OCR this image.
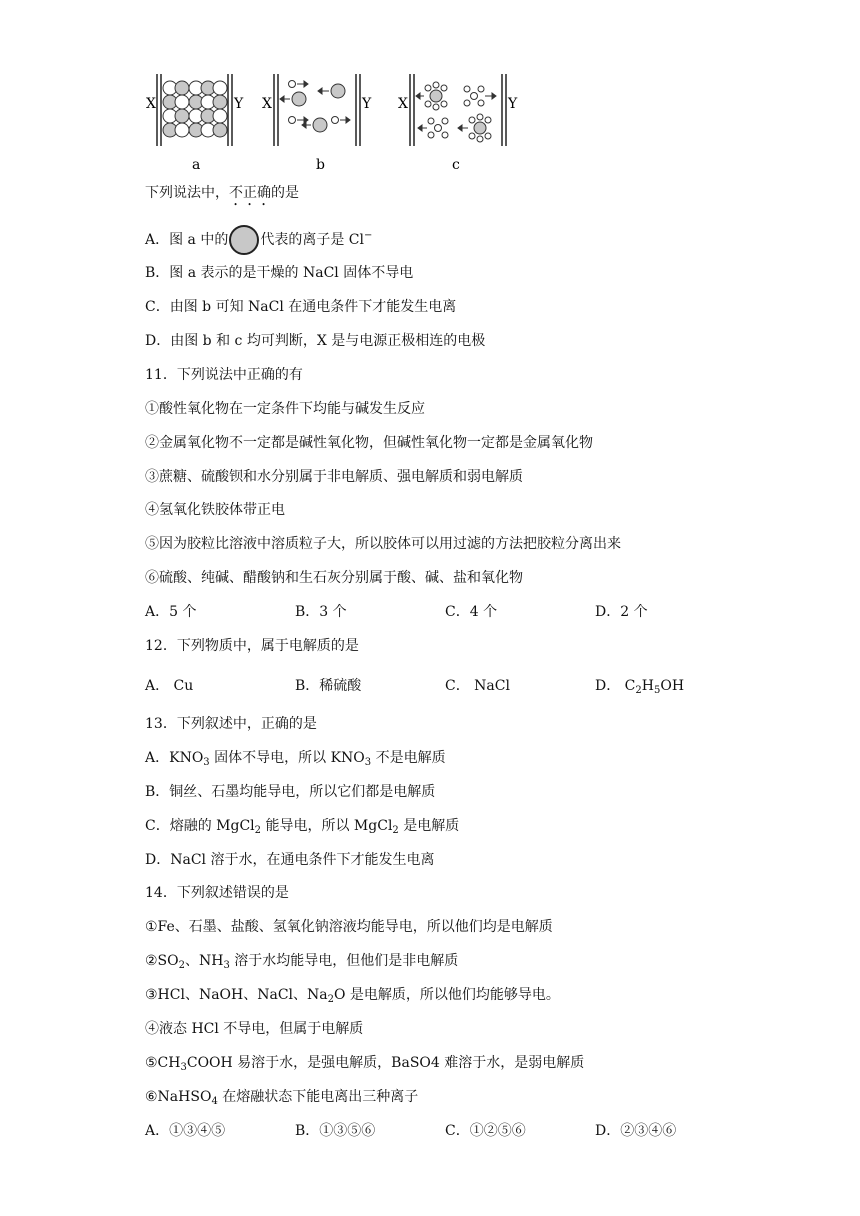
X	Y
a
X	Y
b
X	Y
c
下列说法中，不正确的是
A．图 a 中的 代表的离子是 Cl−
B．图 a 表示的是干燥的 NaCl 固体不导电
C．由图 b 可知 NaCl 在通电条件下才能发生电离
D．由图 b 和 c 均可判断，X 是与电源正极相连的电极
11．下列说法中正确的有
①酸性氧化物在一定条件下均能与碱发生反应
②金属氧化物不一定都是碱性氧化物，但碱性氧化物一定都是金属氧化物
③蔗糖、硫酸钡和水分别属于非电解质、强电解质和弱电解质
④氢氧化铁胶体带正电
⑤因为胶粒比溶液中溶质粒子大，所以胶体可以用过滤的方法把胶粒分离出来
⑥硫酸、纯碱、醋酸钠和生石灰分别属于酸、碱、盐和氧化物
A．5 个	B．3 个	C．4 个	D．2 个
12．下列物质中，属于电解质的是
A． Cu	B．稀硫酸	C． NaCl	D． $C_2H_5OH$
13．下列叙述中，正确的是
A．$KNO_3$ 固体不导电，所以 $KNO_3$ 不是电解质
B．铜丝、石墨均能导电，所以它们都是电解质
C．熔融的 MgCl$_2$ 能导电，所以 MgCl$_2$ 是电解质
D．NaCl 溶于水，在通电条件下才能发生电离
14．下列叙述错误的是
①Fe、石墨、盐酸、氢氧化钠溶液均能导电，所以他们均是电解质
$②SO_2$、$NH_3$ 溶于水均能导电，但他们是非电解质
③HCl、NaOH、NaCl、$Na_2O$ 是电解质，所以他们均能够导电。
④液态 HCl 不导电，但属于电解质
$⑤CH_3COOH$ 易溶于水，是强电解质，BaSO4 难溶于水，是弱电解质
⑥NaHSO$_4$ 在熔融状态下能电离出三种离子
A．①③④⑤	B．①③⑤⑥	C．①②⑤⑥	D．②③④⑥
